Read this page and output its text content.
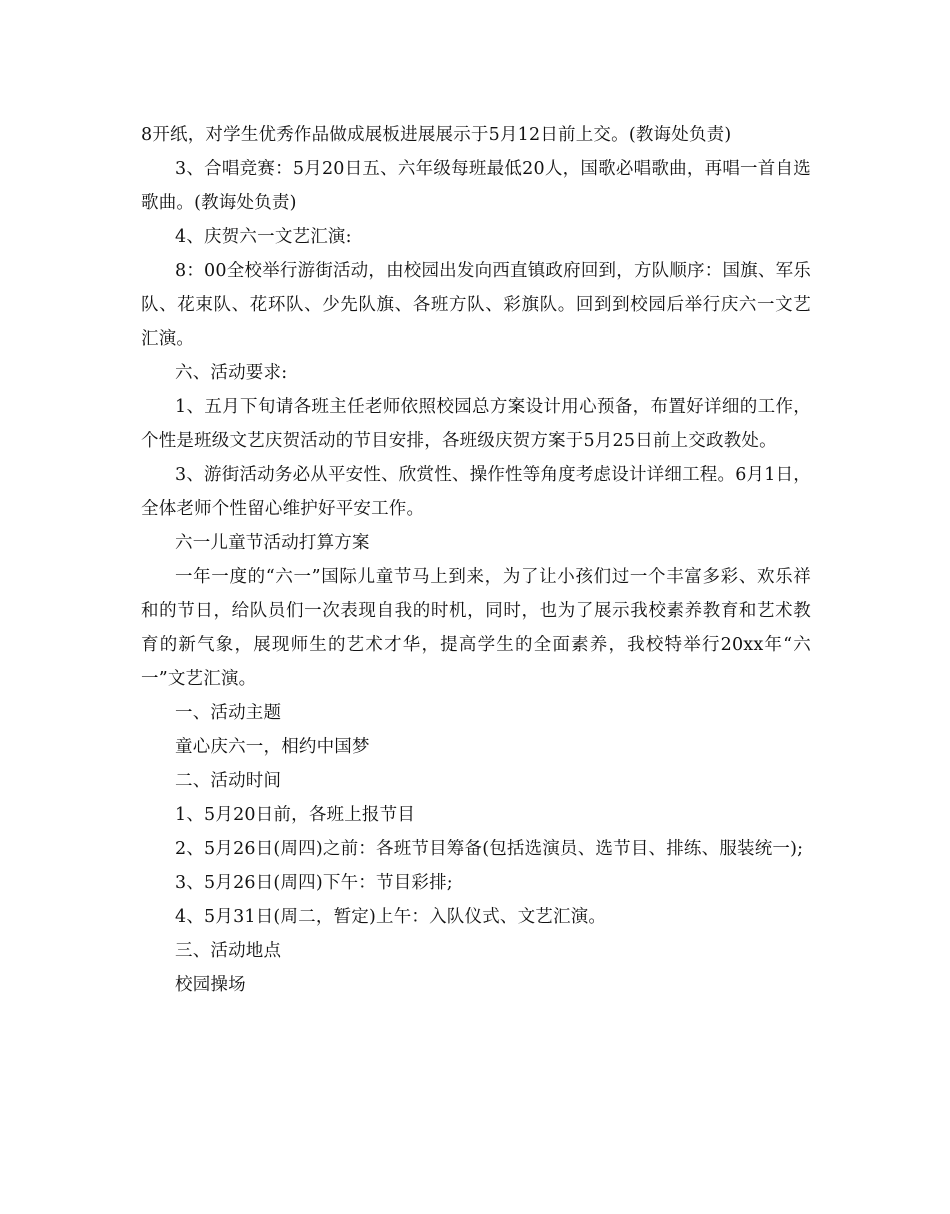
8开纸，对学生优秀作品做成展板进展展示于5月12日前上交。(教诲处负责)

3、合唱竞赛：5月20日五、六年级每班最低20人，国歌必唱歌曲，再唱一首自选歌曲。(教诲处负责)

4、庆贺六一文艺汇演:

8：00全校举行游街活动，由校园出发向西直镇政府回到，方队顺序：国旗、军乐队、花束队、花环队、少先队旗、各班方队、彩旗队。回到到校园后举行庆六一文艺汇演。

六、活动要求:

1、五月下旬请各班主任老师依照校园总方案设计用心预备，布置好详细的工作，个性是班级文艺庆贺活动的节目安排，各班级庆贺方案于5月25日前上交政教处。

3、游街活动务必从平安性、欣赏性、操作性等角度考虑设计详细工程。6月1日，全体老师个性留心维护好平安工作。

六一儿童节活动打算方案

一年一度的“六一”国际儿童节马上到来，为了让小孩们过一个丰富多彩、欢乐祥和的节日，给队员们一次表现自我的时机，同时，也为了展示我校素养教育和艺术教育的新气象，展现师生的艺术才华，提高学生的全面素养，我校特举行20xx年“六一”文艺汇演。

一、活动主题

童心庆六一，相约中国梦

二、活动时间

1、5月20日前，各班上报节目

2、5月26日(周四)之前：各班节目筹备(包括选演员、选节目、排练、服装统一);

3、5月26日(周四)下午：节目彩排;

4、5月31日(周二，暂定)上午：入队仪式、文艺汇演。

三、活动地点

校园操场
